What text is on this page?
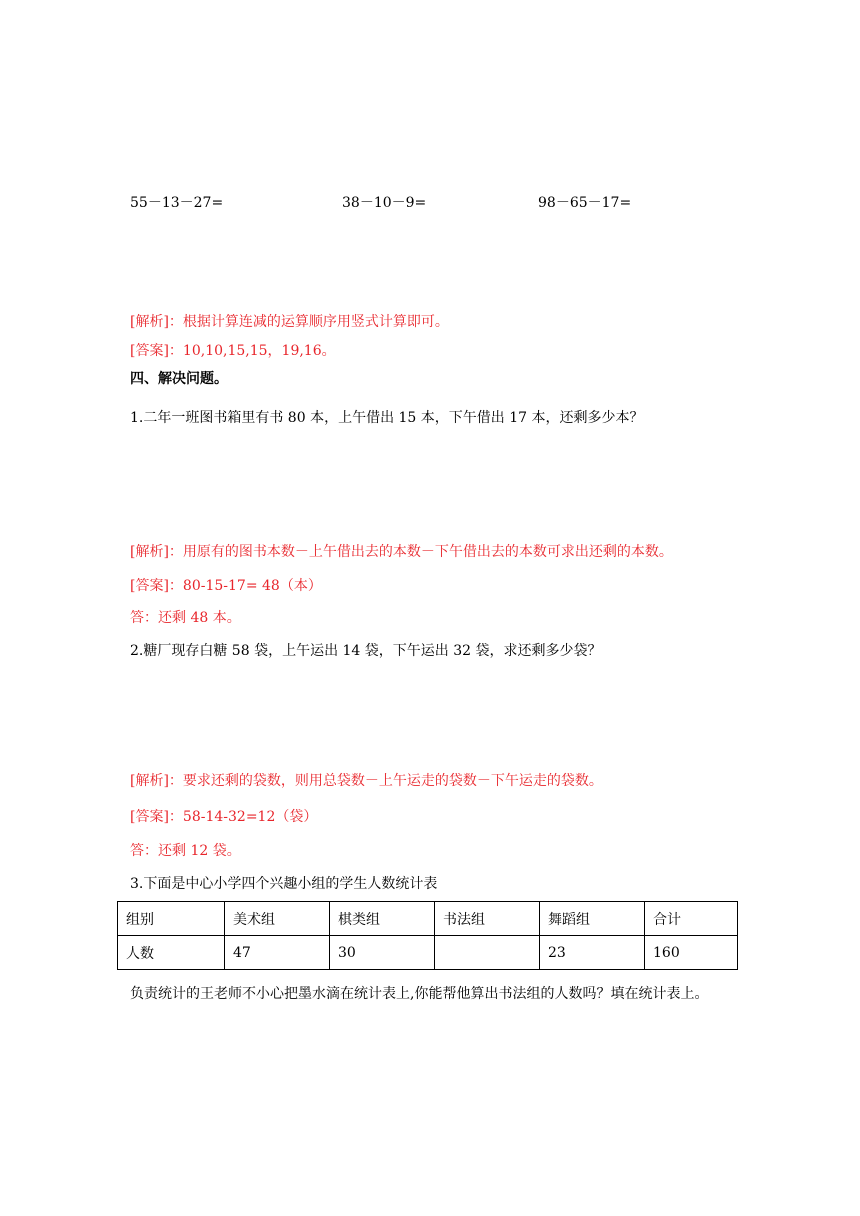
55－13－27=	38－10－9=	98－65－17=
[解析]：根据计算连减的运算顺序用竖式计算即可。
[答案]：10,10,15,15，19,16。
四、解决问题。
1.二年一班图书箱里有书 80 本，上午借出 15 本，下午借出 17 本，还剩多少本？
[解析]：用原有的图书本数－上午借出去的本数－下午借出去的本数可求出还剩的本数。
[答案]：80-15-17= 48（本）
答：还剩 48 本。
2.糖厂现存白糖 58 袋，上午运出 14 袋，下午运出 32 袋，求还剩多少袋？
[解析]：要求还剩的袋数，则用总袋数－上午运走的袋数－下午运走的袋数。
[答案]：58-14-32=12（袋）
答：还剩 12 袋。
3.下面是中心小学四个兴趣小组的学生人数统计表
组别	美术组	棋类组	书法组	舞蹈组	合计
人数	47	30		23	160
负责统计的王老师不小心把墨水滴在统计表上,你能帮他算出书法组的人数吗？填在统计表上。
